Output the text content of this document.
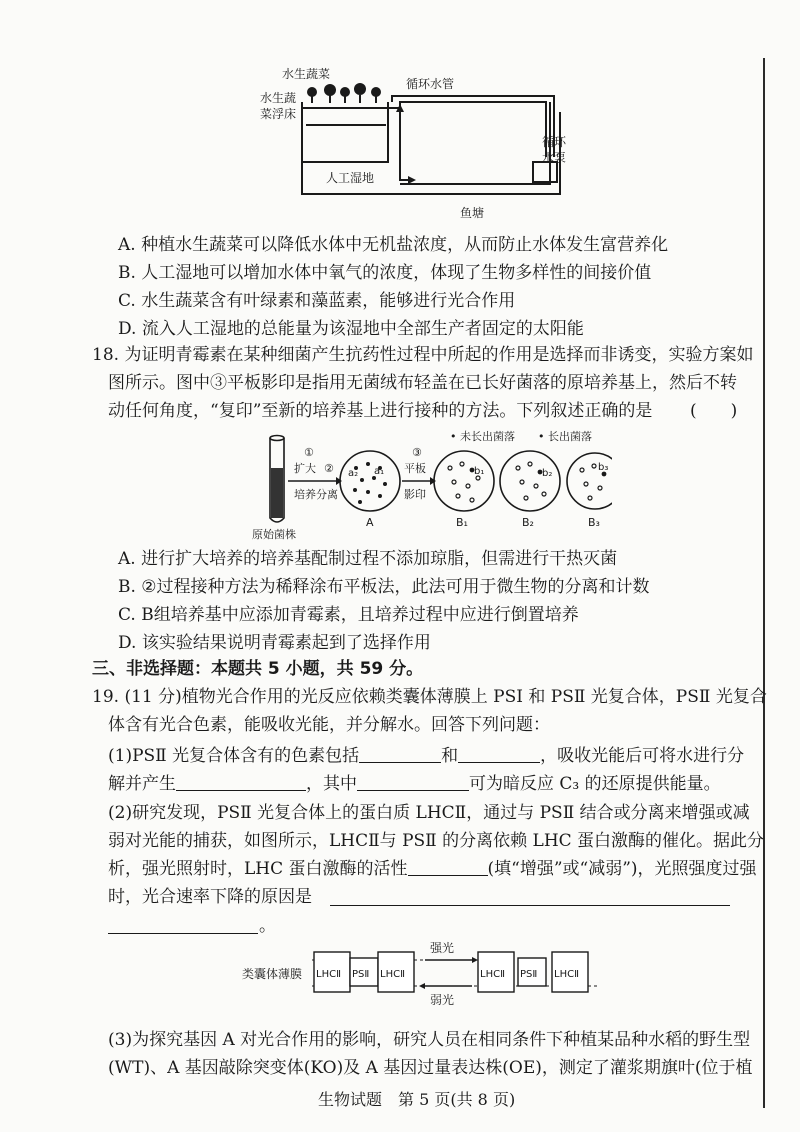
水生蔬菜
水生蔬
菜浮床
循环水管
循环
水泵
人工湿地
鱼塘
A. 种植水生蔬菜可以降低水体中无机盐浓度，从而防止水体发生富营养化
B. 人工湿地可以增加水体中氧气的浓度，体现了生物多样性的间接价值
C. 水生蔬菜含有叶绿素和藻蓝素，能够进行光合作用
D. 流入人工湿地的总能量为该湿地中全部生产者固定的太阳能
18. 为证明青霉素在某种细菌产生抗药性过程中所起的作用是选择而非诱变，实验方案如
图所示。图中③平板影印是指用无菌绒布轻盖在已长好菌落的原培养基上，然后不转
动任何角度，“复印”至新的培养基上进行接种的方法。下列叙述正确的是 (　　)
• 未长出菌落 • 长出菌落
①
扩大
培养
②
分离
③
平板
影印
原始菌株
A	B₁	B₂	B₃
a₁
a₂	b₁	b₂
b₃
A. 进行扩大培养的培养基配制过程不添加琼脂，但需进行干热灭菌
B. ②过程接种方法为稀释涂布平板法，此法可用于微生物的分离和计数
C. B组培养基中应添加青霉素，且培养过程中应进行倒置培养
D. 该实验结果说明青霉素起到了选择作用
三、非选择题：本题共 5 小题，共 59 分。
19. (11 分)植物光合作用的光反应依赖类囊体薄膜上 PSⅠ 和 PSⅡ 光复合体，PSⅡ 光复合
体含有光合色素，能吸收光能，并分解水。回答下列问题：
(1)PSⅡ 光复合体含有的色素包括	和	，吸收光能后可将水进行分
解并产生	，其中	可为暗反应 C₃ 的还原提供能量。
(2)研究发现，PSⅡ 光复合体上的蛋白质 LHCⅡ，通过与 PSⅡ 结合或分离来增强或减
弱对光能的捕获，如图所示，LHCⅡ与 PSⅡ 的分离依赖 LHC 蛋白激酶的催化。据此分
析，强光照射时，LHC 蛋白激酶的活性	(填“增强”或“减弱”)，光照强度过强
时，光合速率下降的原因是
。
类囊体薄膜 LHCⅡ PSⅡ LHCⅡ	LHCⅡ PSⅡ LHCⅡ
强光
弱光
(3)为探究基因 A 对光合作用的影响，研究人员在相同条件下种植某品种水稻的野生型
(WT)、A 基因敲除突变体(KO)及 A 基因过量表达株(OE)，测定了灌浆期旗叶(位于植
生物试题　第 5 页(共 8 页)
